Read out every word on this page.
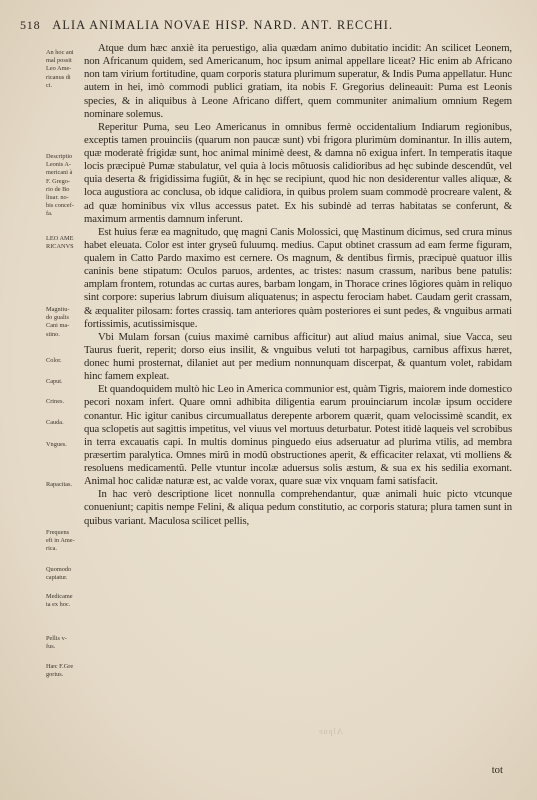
518 ALIA ANIMALIA NOVAE HISP. NARD. ANT. RECCHI.
An hoc ani
mal possit
Leo Ame-
ricanus di
ci.
Descriptio
Leonis A-
mericani à
F. Grego-
rio de Bo
liuar. no-
bis concef-
fa.
LEO AME
RICANVS
Magnitu-
do gualis
Cani ma-
stino.
Color.
Caput.
Crines.
Cauda.
Vngues.
Rapacitas.
Frequens
eft in Ame-
rica.
Quomodo
capiatur.
Medicame
ta ex hoc.
Pellis v-
fus.
Hæc F.Gre
gorius.

Atque dum hæc anxiè ita peruestigo, alia quædam animo dubitatio incidit: An scilicet Leonem, non Africanum quidem, sed Americanum, hoc ipsum animal appellare liceat? Hic enim ab Africano non tam virium fortitudine, quam corporis statura plurimum superatur, & Indis Puma appellatur. Hunc autem in hei, imò commodi publici gratiam, ita nobis F. Gregorius delineauit: Puma est Leonis species, & in aliquibus à Leone Africano differt, quem communiter animalium omnium Regem nominare solemus.

Reperitur Puma, seu Leo Americanus in omnibus fermè occidentalium Indiarum regionibus, exceptis tamen prouinciis (quarum non paucæ sunt) vbi frigora plurimùm dominantur. In illis autem, quæ moderatè frigidæ sunt, hoc animal minimè deest, & damna nõ exigua infert. In temperatis itaque locis præcipuè Pumæ stabulatur, vel quia à locis mõtuosis calidioribus ad hęc subinde descendũt, vel quia deserta & frigidissima fugiũt, & in hęc se recipiunt, quod hic non desiderentur valles aliquæ, & loca augustiora ac conclusa, ob idque calidiora, in quibus prolem suam commodè procreare valent, & ad quæ hominibus vix vllus accessus patet. Ex his subindè ad terras habitatas se conferunt, & maximum armentis damnum inferunt.

Est huius feræ ea magnitudo, quę magni Canis Molossici, quę Mastinum dicimus, sed crura minus habet eleuata. Color est inter gryseũ fuluumq. medius. Caput obtinet crassum ad eam ferme figuram, qualem in Catto Pardo maximo est cernere. Os magnum, & dentibus firmis, præcipuè quatuor illis caninis bene stipatum: Oculos paruos, ardentes, ac tristes: nasum crassum, naribus bene patulis: amplam frontem, rotundas ac curtas aures, barbam longam, in Thorace crines lõgiores quàm in reliquo sint corpore: superius labrum diuisum aliquatenus; in aspectu ferociam habet. Caudam gerit crassam, & æqualiter pilosam: fortes crassiq. tam anteriores quàm posteriores ei sunt pedes, & vnguibus armati fortissimis, acutissimisque.

Vbi Mulam forsan (cuius maximè carnibus afficitur) aut aliud maius animal, siue Vacca, seu Taurus fuerit, reperit; dorso eius insilit, & vnguibus veluti tot harpagibus, carnibus affixus hæret, donec humi prosternat, dilaniet aut per medium nonnunquam discerpat, & quantum volet, rabidam hinc famem expleat.

Et quandoquidem multò hic Leo in America communior est, quàm Tigris, maiorem inde domestico pecori noxam infert. Quare omni adhibita diligentia earum prouinciarum incolæ ipsum occidere conantur. Hic igitur canibus circumuallatus derepente arborem quærit, quam velocissimè scandit, ex qua sclopetis aut sagittis impetitus, vel viuus vel mortuus deturbatur. Potest itidè laqueis vel scrobibus in terra excauatis capi. In multis dominus pinguedo eius adseruatur ad plurima vtilis, ad membra præsertim paralytica. Omnes mirũ in modũ obstructiones aperit, & efficaciter relaxat, vti molliens & resoluens medicamentũ. Pelle vtuntur incolæ aduersus solis æstum, & sua ex his sedilia exornant. Animal hoc calidæ naturæ est, ac valde vorax, quare suæ vix vnquam fami satisfacit.

In hac verò descriptione licet nonnulla comprehendantur, quæ animali huic picto vtcunque conueniunt; capitis nempe Felini, & aliqua pedum constitutio, ac corporis statura; plura tamen sunt in quibus variant. Maculosa scilicet pellis,

Alpue
tot
